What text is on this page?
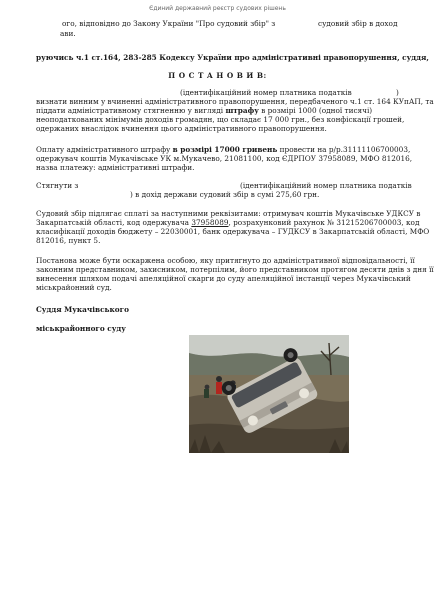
Єдиний державний реєстр судових рішень
ого, відповідно до Закону України "Про судовий збір" з	судовий збір в доход
ави.
руючись ч.1 ст.164, 283-285 Кодексу України про адміністративні правопорушення, суддя,
П О С Т А Н О В И В:
(ідентифікаційний номер платника податків	)
визнати винним у вчиненні адміністративного правопорушення, передбаченого ч.1 ст. 164 КУпАП, та
піддати адміністративному стягненню у вигляді штрафу в розмірі 1000 (одної тисячі)
неоподаткованих мінімумів доходів громадян, що складає 17 000 грн., без конфіскації грошей,
одержаних внаслідок вчинення цього адміністративного правопорушення.
Оплату адміністративного штрафу в розмірі 17000 гривень провести на р/р.31111106700003,
одержувач коштів Мукачівське УК м.Мукачево, 21081100, код ЄДРПОУ 37958089, МФО 812016,
назва платежу: адміністративні штрафи.
Стягнути з	(ідентифікаційний номер платника податків
) в дохід держави судовий збір в сумі 275,60 грн.
Судовий збір підлягає сплаті за наступними реквізитами: отримувач коштів Мукачівське УДКСУ в
Закарпатській області, код одержувача 37958089, розрахунковий рахунок № 31215206700003, код
класифікації доходів бюджету – 22030001, банк одержувача – ГУДКСУ в Закарпатській області, МФО
812016, пункт 5.
Постанова може бути оскаржена особою, яку притягнуто до адміністративної відповідальності, її
законним представником, захисником, потерпілим, його представником протягом десяти днів з дня її
винесення шляхом подачі апеляційної скарги до суду апеляційної інстанції через Мукачівський
міськрайонний суд.
Суддя Мукачівського
міськрайонного суду
